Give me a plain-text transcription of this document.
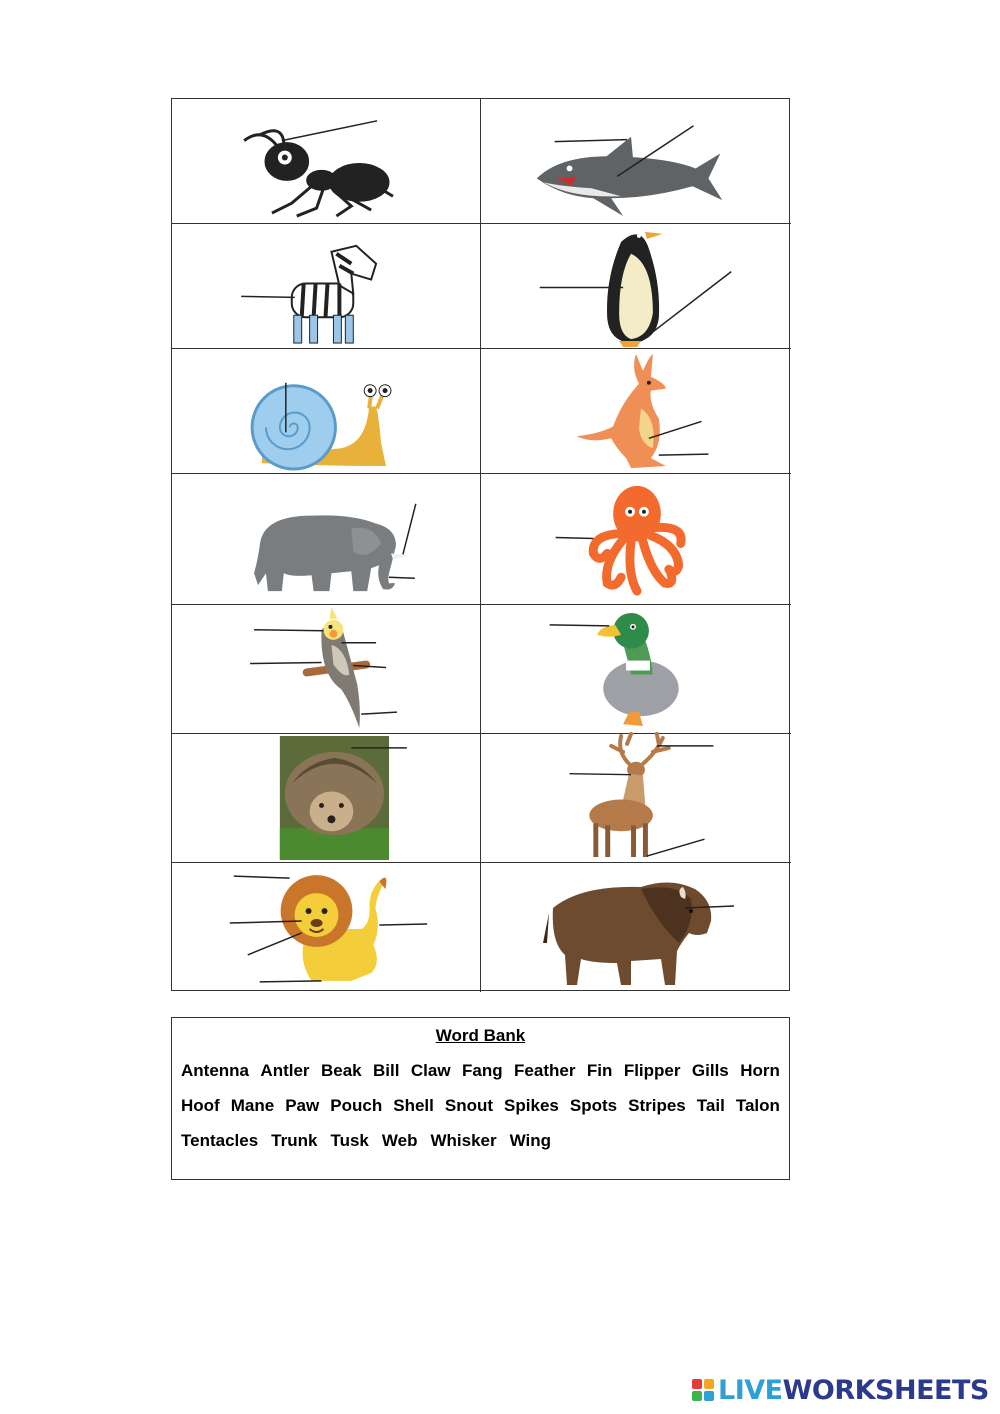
Word Bank
Antenna Antler Beak Bill Claw Fang Feather Fin Flipper Gills Horn
Hoof Mane Paw Pouch Shell Snout Spikes Spots Stripes Tail Talon
Tentacles Trunk Tusk Web Whisker Wing
LIVEWORKSHEETS
